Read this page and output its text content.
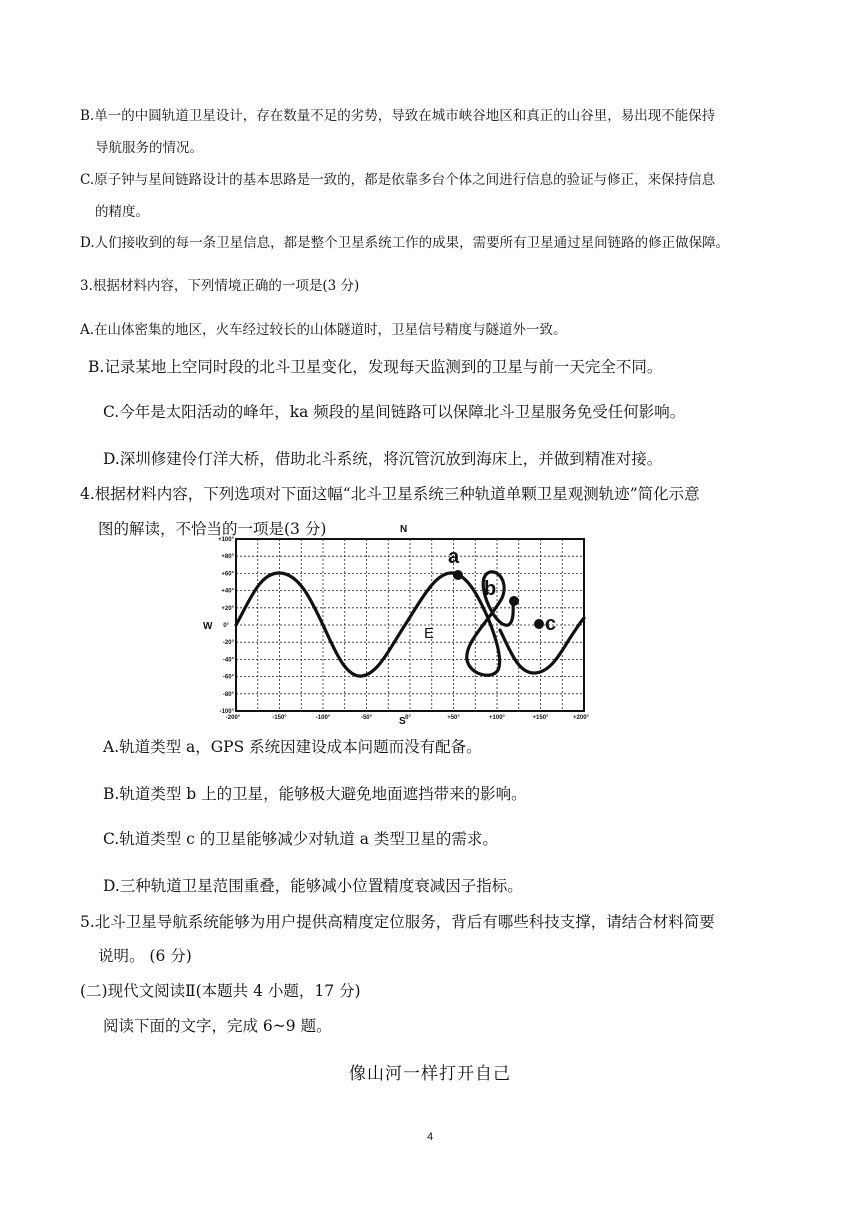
B.单一的中圆轨道卫星设计，存在数量不足的劣势，导致在城市峡谷地区和真正的山谷里，易出现不能保持
导航服务的情况。
C.原子钟与星间链路设计的基本思路是一致的，都是依靠多台个体之间进行信息的验证与修正，来保持信息
的精度。
D.人们接收到的每一条卫星信息，都是整个卫星系统工作的成果，需要所有卫星通过星间链路的修正做保障。
3.根据材料内容，下列情境正确的一项是(3 分)
A.在山体密集的地区，火车经过较长的山体隧道时，卫星信号精度与隧道外一致。
B.记录某地上空同时段的北斗卫星变化，发现每天监测到的卫星与前一天完全不同。
C.今年是太阳活动的峰年，ka 频段的星间链路可以保障北斗卫星服务免受任何影响。
D.深圳修建伶仃洋大桥，借助北斗系统，将沉管沉放到海床上，并做到精准对接。
4.根据材料内容，下列选项对下面这幅“北斗卫星系统三种轨道单颗卫星观测轨迹”简化示意
图的解读，不恰当的一项是(3 分)	N
S
W	E
+100°
+80°
+60°
+40°
+20°
0°
-20°
-40°
-60°
-80°
-100°
-200°	-150°	-100°	-50°	0°	+50°	+100°	+150°	+200°
a
b
c
A.轨道类型 a，GPS 系统因建设成本问题而没有配备。
B.轨道类型 b 上的卫星，能够极大避免地面遮挡带来的影响。
C.轨道类型 c 的卫星能够减少对轨道 a 类型卫星的需求。
D.三种轨道卫星范围重叠，能够减小位置精度衰减因子指标。
5.北斗卫星导航系统能够为用户提供高精度定位服务，背后有哪些科技支撑，请结合材料简要
说明。 (6 分)
(二)现代文阅读Ⅱ(本题共 4 小题，17 分)
阅读下面的文字，完成 6~9 题。
像山河一样打开自己
4
